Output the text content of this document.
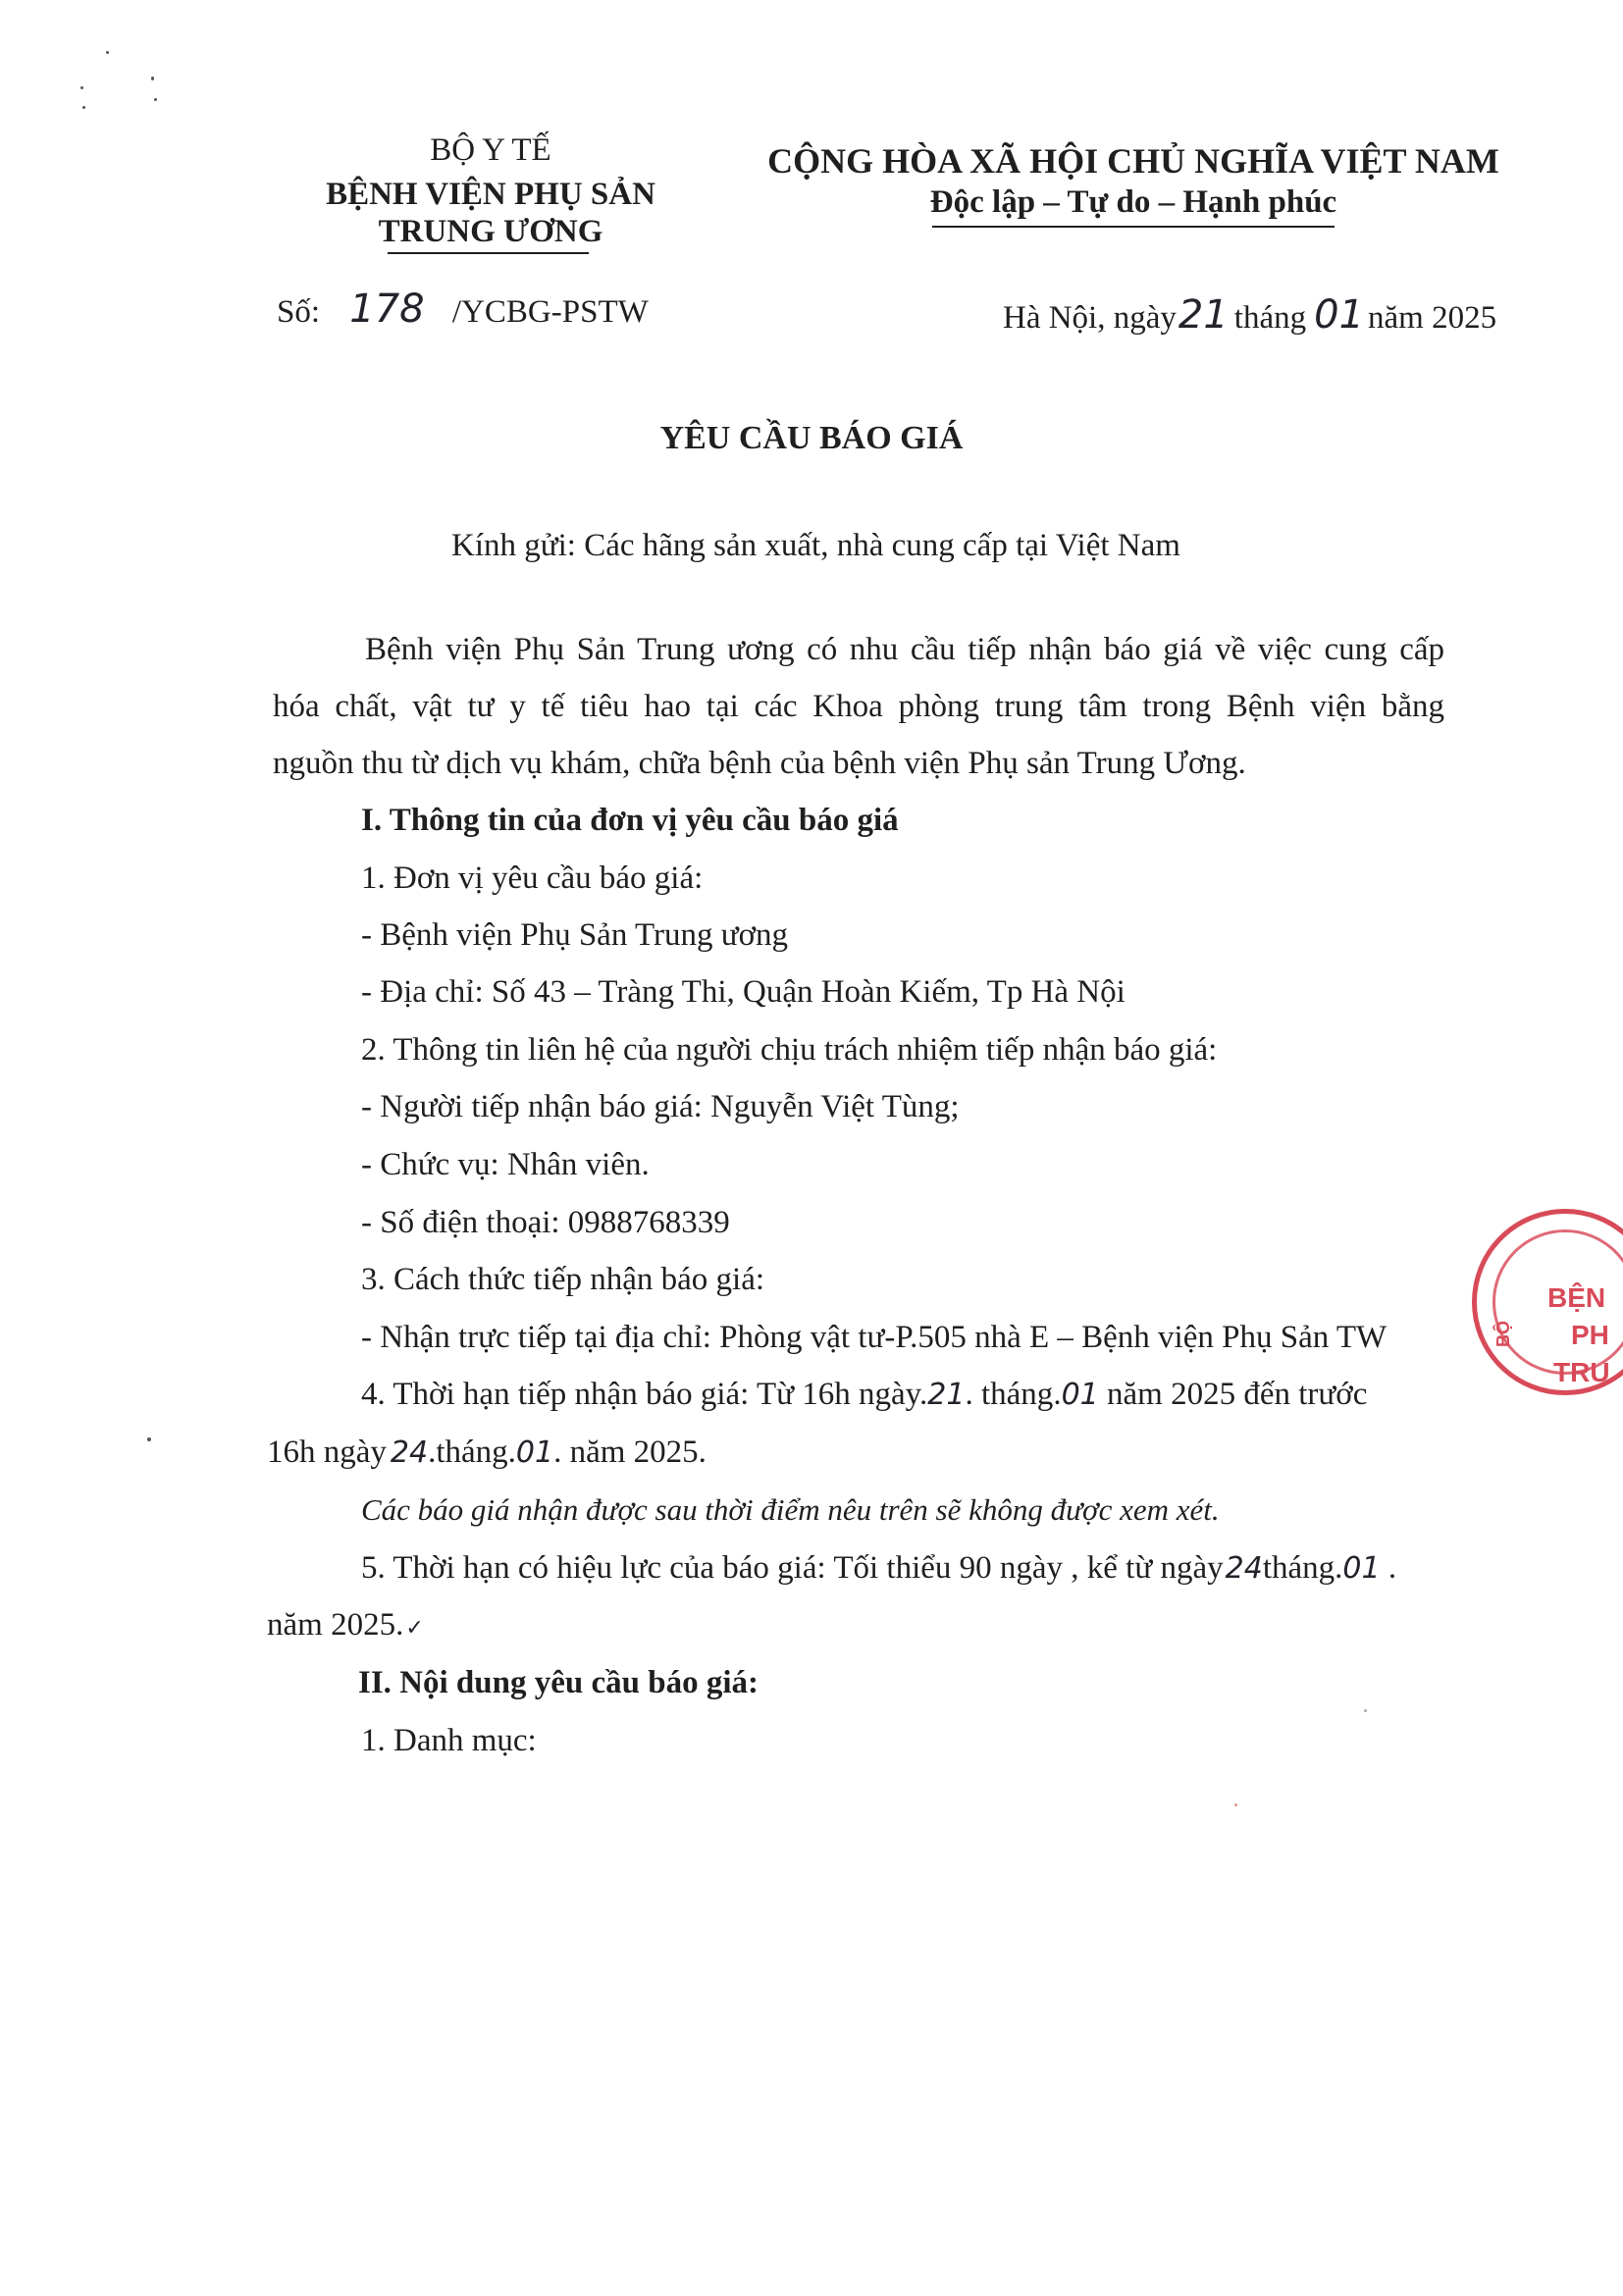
BỘ Y TẾ
BỆNH VIỆN PHỤ SẢN
TRUNG ƯƠNG
CỘNG HÒA XÃ HỘI CHỦ NGHĨA VIỆT NAM
Độc lập – Tự do – Hạnh phúc
Số: 178 /YCBG-PSTW	Hà Nội, ngày21 tháng 01 năm 2025
YÊU CẦU BÁO GIÁ
Kính gửi: Các hãng sản xuất, nhà cung cấp tại Việt Nam
Bệnh viện Phụ Sản Trung ương có nhu cầu tiếp nhận báo giá về việc cung cấp
hóa chất, vật tư y tế tiêu hao tại các Khoa phòng trung tâm trong Bệnh viện bằng
nguồn thu từ dịch vụ khám, chữa bệnh của bệnh viện Phụ sản Trung Ương.
I. Thông tin của đơn vị yêu cầu báo giá
1. Đơn vị yêu cầu báo giá:
- Bệnh viện Phụ Sản Trung ương
- Địa chỉ: Số 43 – Tràng Thi, Quận Hoàn Kiếm, Tp Hà Nội
2. Thông tin liên hệ của người chịu trách nhiệm tiếp nhận báo giá:
- Người tiếp nhận báo giá: Nguyễn Việt Tùng;
- Chức vụ: Nhân viên.
- Số điện thoại: 0988768339
3. Cách thức tiếp nhận báo giá:
- Nhận trực tiếp tại địa chỉ: Phòng vật tư-P.505 nhà E – Bệnh viện Phụ Sản TW
4. Thời hạn tiếp nhận báo giá: Từ 16h ngày.21. tháng.01 năm 2025 đến trước
16h ngày 24.tháng.01. năm 2025.
Các báo giá nhận được sau thời điểm nêu trên sẽ không được xem xét.
5. Thời hạn có hiệu lực của báo giá: Tối thiểu 90 ngày , kể từ ngày24tháng.01 .
năm 2025.✓
II. Nội dung yêu cầu báo giá:
1. Danh mục:
BỆN
PH
TRU
BỘ
